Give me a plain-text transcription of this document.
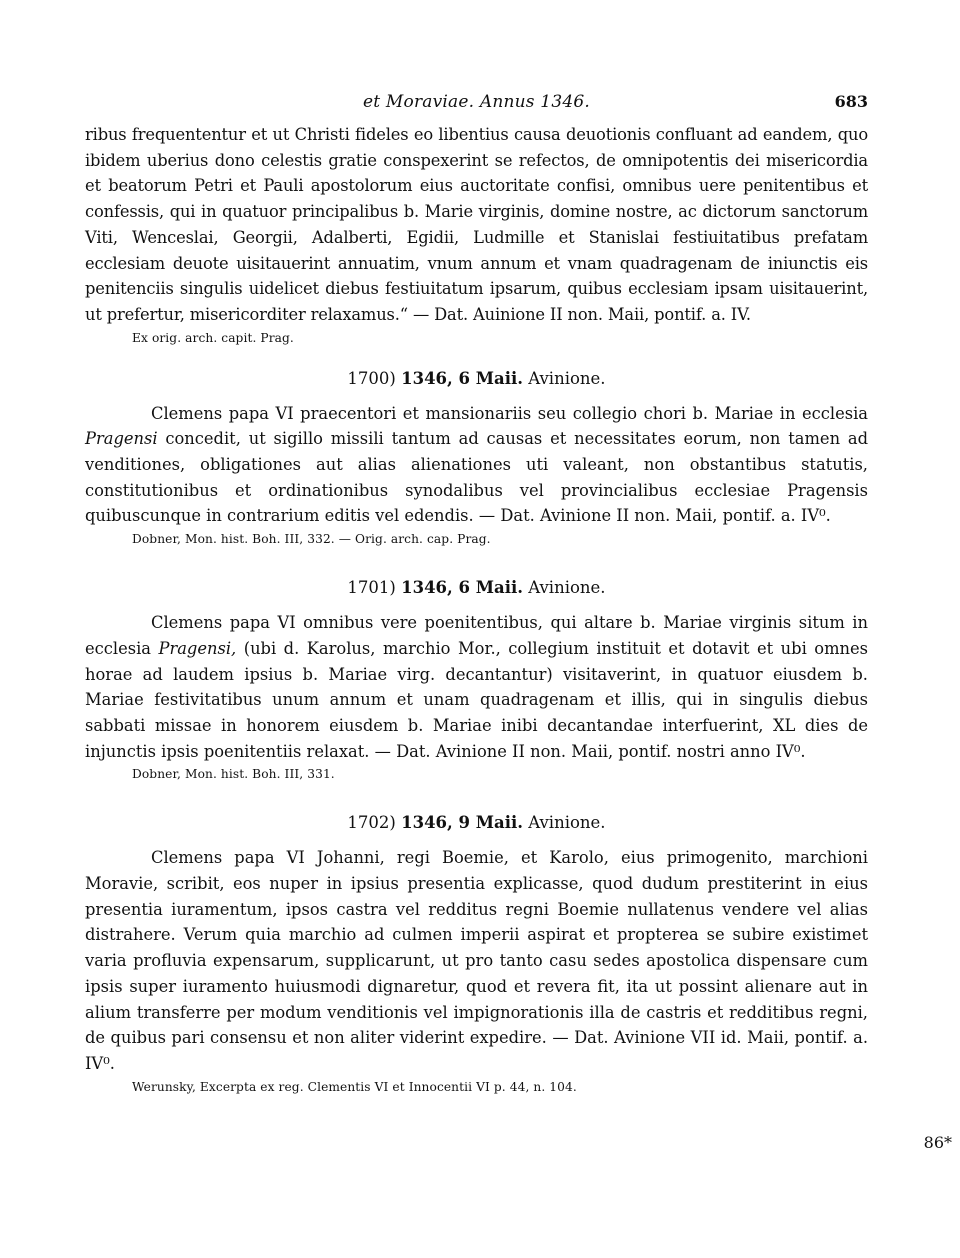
et Moraviae. Annus 1346.	683

ribus frequententur et ut Christi fideles eo libentius causa deuotionis confluant ad eandem, quo ibidem uberius dono celestis gratie conspexerint se refectos, de omnipotentis dei misericordia et beatorum Petri et Pauli apostolorum eius auctoritate confisi, omnibus uere penitentibus et confessis, qui in quatuor principalibus b. Marie virginis, domine nostre, ac dictorum sanctorum Viti, Wenceslai, Georgii, Adalberti, Egidii, Ludmille et Stanislai festiuitatibus prefatam ecclesiam deuote uisitauerint annuatim, vnum annum et vnam quadragenam de iniunctis eis penitenciis singulis uidelicet diebus festiuitatum ipsarum, quibus ecclesiam ipsam uisitauerint, ut prefertur, misericorditer relaxamus.“ — Dat. Auinione II non. Maii, pontif. a. IV.

Ex orig. arch. capit. Prag.

1700) 1346, 6 Maii. Avinione.

Clemens papa VI praecentori et mansionariis seu collegio chori b. Mariae in ecclesia Pragensi concedit, ut sigillo missili tantum ad causas et necessitates eorum, non tamen ad venditiones, obligationes aut alias alienationes uti valeant, non obstantibus statutis, constitutionibus et ordinationibus synodalibus vel provincialibus ecclesiae Pragensis quibuscunque in contrarium editis vel edendis. — Dat. Avinione II non. Maii, pontif. a. IV⁰.

Dobner, Mon. hist. Boh. III, 332. — Orig. arch. cap. Prag.

1701) 1346, 6 Maii. Avinione.

Clemens papa VI omnibus vere poenitentibus, qui altare b. Mariae virginis situm in ecclesia Pragensi, (ubi d. Karolus, marchio Mor., collegium instituit et dotavit et ubi omnes horae ad laudem ipsius b. Mariae virg. decantantur) visitaverint, in quatuor eiusdem b. Mariae festivitatibus unum annum et unam quadragenam et illis, qui in singulis diebus sabbati missae in honorem eiusdem b. Mariae inibi decantandae interfuerint, XL dies de injunctis ipsis poenitentiis relaxat. — Dat. Avinione II non. Maii, pontif. nostri anno IV⁰.

Dobner, Mon. hist. Boh. III, 331.

1702) 1346, 9 Maii. Avinione.

Clemens papa VI Johanni, regi Boemie, et Karolo, eius primogenito, marchioni Moravie, scribit, eos nuper in ipsius presentia explicasse, quod dudum prestiterint in eius presentia iuramentum, ipsos castra vel redditus regni Boemie nullatenus vendere vel alias distrahere. Verum quia marchio ad culmen imperii aspirat et propterea se subire existimet varia profluvia expensarum, supplicarunt, ut pro tanto casu sedes apostolica dispensare cum ipsis super iuramento huiusmodi dignaretur, quod et revera fit, ita ut possint alienare aut in alium transferre per modum venditionis vel impignorationis illa de castris et redditibus regni, de quibus pari consensu et non aliter viderint expedire. — Dat. Avinione VII id. Maii, pontif. a. IV⁰.

Werunsky, Excerpta ex reg. Clementis VI et Innocentii VI p. 44, n. 104.
86*
